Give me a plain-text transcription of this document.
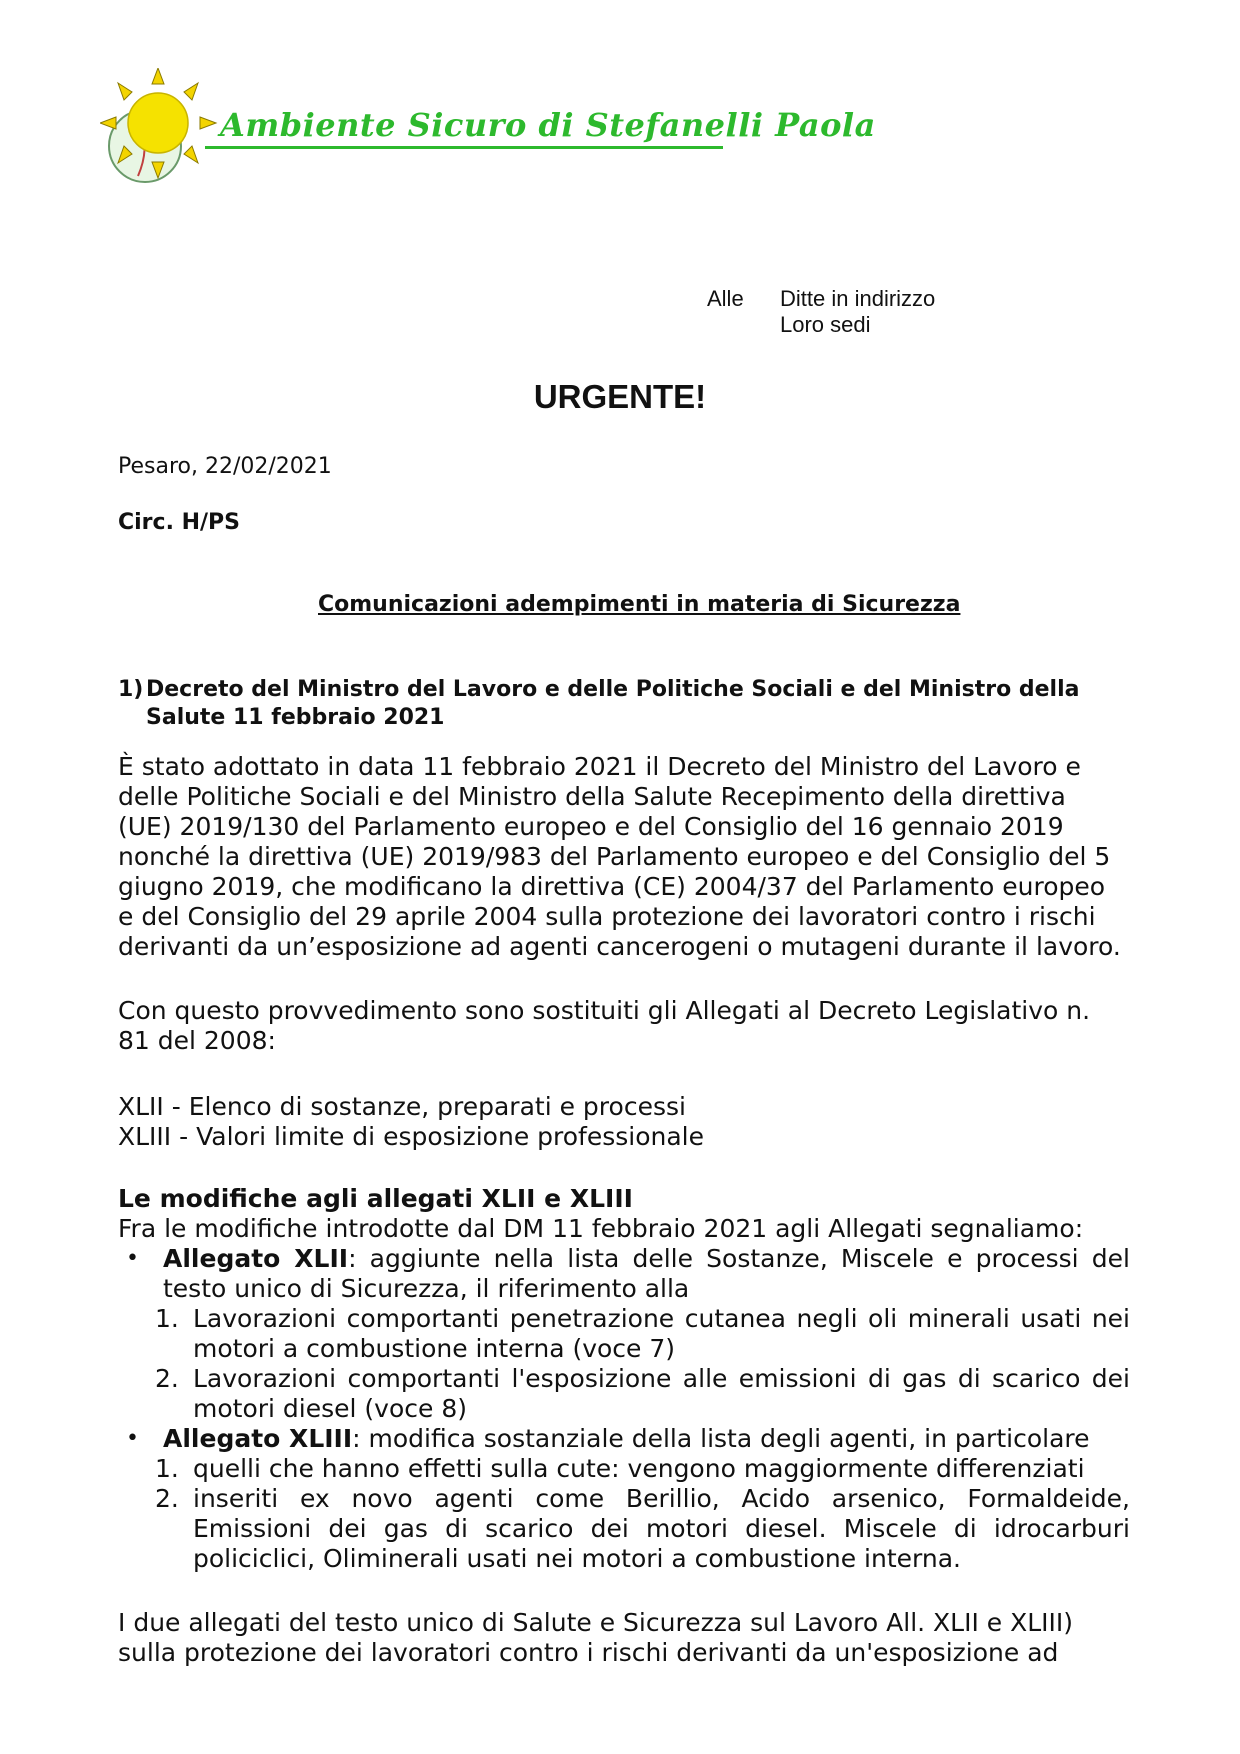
Ambiente Sicuro di Stefanelli Paola
Alle Ditte in indirizzo
Loro sedi
URGENTE!
Pesaro, 22/02/2021
Circ. H/PS
Comunicazioni adempimenti in materia di Sicurezza
1) Decreto del Ministro del Lavoro e delle Politiche Sociali e del Ministro della Salute 11 febbraio 2021

È stato adottato in data 11 febbraio 2021 il Decreto del Ministro del Lavoro e

delle Politiche Sociali e del Ministro della Salute Recepimento della direttiva

(UE) 2019/130 del Parlamento europeo e del Consiglio del 16 gennaio 2019

nonché la direttiva (UE) 2019/983 del Parlamento europeo e del Consiglio del 5

giugno 2019, che modificano la direttiva (CE) 2004/37 del Parlamento europeo

e del Consiglio del 29 aprile 2004 sulla protezione dei lavoratori contro i rischi

derivanti da un’esposizione ad agenti cancerogeni o mutageni durante il lavoro.

Con questo provvedimento sono sostituiti gli Allegati al Decreto Legislativo n.

81 del 2008:

XLII - Elenco di sostanze, preparati e processi

XLIII - Valori limite di esposizione professionale

Le modifiche agli allegati XLII e XLIII
Fra le modifiche introdotte dal DM 11 febbraio 2021 agli Allegati segnaliamo:
• Allegato XLII: aggiunte nella lista delle Sostanze, Miscele e processi del testo unico di Sicurezza, il riferimento alla
1. Lavorazioni comportanti penetrazione cutanea negli oli minerali usati nei motori a combustione interna (voce 7)
2. Lavorazioni comportanti l'esposizione alle emissioni di gas di scarico dei motori diesel (voce 8)
• Allegato XLIII: modifica sostanziale della lista degli agenti, in particolare
1. quelli che hanno effetti sulla cute: vengono maggiormente differenziati
2. inseriti ex novo agenti come Berillio, Acido arsenico, Formaldeide, Emissioni dei gas di scarico dei motori diesel. Miscele di idrocarburi policiclici, Oliminerali usati nei motori a combustione interna.

I due allegati del testo unico di Salute e Sicurezza sul Lavoro All. XLII e XLIII)

sulla protezione dei lavoratori contro i rischi derivanti da un'esposizione ad
